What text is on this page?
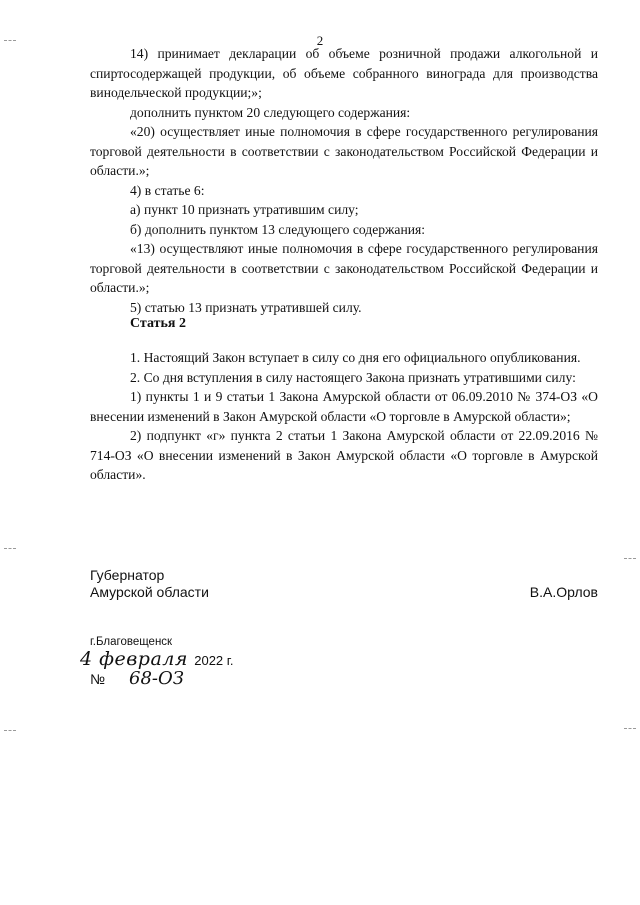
2

14) принимает декларации об объеме розничной продажи алкогольной и спиртосодержащей продукции, об объеме собранного винограда для производства винодельческой продукции;»;

дополнить пунктом 20 следующего содержания:

«20) осуществляет иные полномочия в сфере государственного регулирования торговой деятельности в соответствии с законодательством Российской Федерации и области.»;

4) в статье 6:

а) пункт 10 признать утратившим силу;

б) дополнить пунктом 13 следующего содержания:

«13) осуществляют иные полномочия в сфере государственного регулирования торговой деятельности в соответствии с законодательством Российской Федерации и области.»;

5) статью 13 признать утратившей силу.

Статья 2

1. Настоящий Закон вступает в силу со дня его официального опубликования.

2. Со дня вступления в силу настоящего Закона признать утратившими силу:

1) пункты 1 и 9 статьи 1 Закона Амурской области от 06.09.2010 № 374-ОЗ «О внесении изменений в Закон Амурской области «О торговле в Амурской области»;

2) подпункт «г» пункта 2 статьи 1 Закона Амурской области от 22.09.2016 № 714-ОЗ «О внесении изменений в Закон Амурской области «О торговле в Амурской области».

Губернатор
Амурской области	В.А.Орлов
г.Благовещенск
4 февраля 2022 г.
№ 68-ОЗ
